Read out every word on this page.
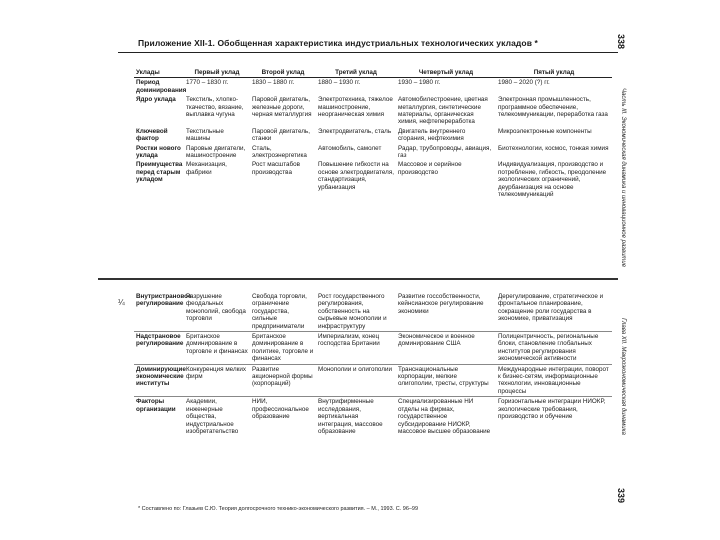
Приложение XII-1. Обобщенная характеристика индустриальных технологических укладов *	338
Часть III. Экономическая динамика и инновационное развитие
Глава XII. Макроэкономическая динамика
339
Уклады	Первый уклад	Второй уклад	Третий уклад	Четвертый уклад	Пятый уклад
Период доминирования	1770 – 1830 гг.	1830 – 1880 гг.	1880 – 1930 гг.	1930 – 1980 гг.	1980 – 2020 (?) гг.
Ядро уклада	Текстиль, хлопко-ткачество, вязание, выплавка чугуна	Паровой двигатель, железные дороги, черная металлургия	Электротехника, тяжелое машиностроение, неорганическая химия	Автомобилестроение, цветная металлургия, синтетические материалы, органическая химия, нефтепереработка	Электронная промышленность, программное обеспечение, телекоммуникации, переработка газа
Ключевой фактор	Текстильные машины	Паровой двигатель, станки	Электродвигатель, сталь	Двигатель внутреннего сгорания, нефтехимия	Микроэлектронные компоненты
Ростки нового уклада	Паровые двигатели, машиностроение	Сталь, электроэнергетика	Автомобиль, самолет	Радар, трубопроводы, авиация, газ	Биотехнологии, космос, тонкая химия
Преимущества перед старым укладом	Механизация, фабрики	Рост масштабов производства	Повышение гибкости на основе электродвигателя, стандартизация, урбанизация	Массовое и серийное производство	Индивидуализация, производство и потребление, гибкость, преодоление экологических ограничений, деурбанизация на основе телекоммуникаций
¼
Внутристрановое регулирование	Разрушение феодальных монополий, свобода торговли	Свобода торговли, ограничение государства, сильные предприниматели	Рост государственного регулирования, собственность на сырьевые монополии и инфраструктуру	Развитие госсобственности, кейнсианское регулирование экономики	Дерегулирование, стратегическое и фронтальное планирование, сокращение роли государства в экономике, приватизация
Надстрановое регулирование	Британское доминирование в торговле и финансах	Британское доминирование в политике, торговле и финансах	Империализм, конец господства Британии	Экономическое и военное доминирование США	Полицентричность, региональные блоки, становление глобальных институтов регулирования экономической активности
Доминирующие экономические институты	Конкуренция мелких фирм	Развитие акционерной формы (корпораций)	Монополии и олигополии	Транснациональные корпорации, мелкие олигополии, тресты, структуры	Международные интеграции, поворот к бизнес-сетям, информационные технологии, инновационные процессы
Факторы организации	Академии, инженерные общества, индустриальное изобретательство	НИИ, профессиональное образование	Внутрифирменные исследования, вертикальная интеграция, массовое образование	Специализированные НИ отделы на фирмах, государственное субсидирование НИОКР, массовое высшее образование	Горизонтальные интеграции НИОКР, экологические требования, производство и обучение
* Составлено по: Глазьев С.Ю. Теория долгосрочного технико-экономического развития. – М., 1993. С. 96–99
